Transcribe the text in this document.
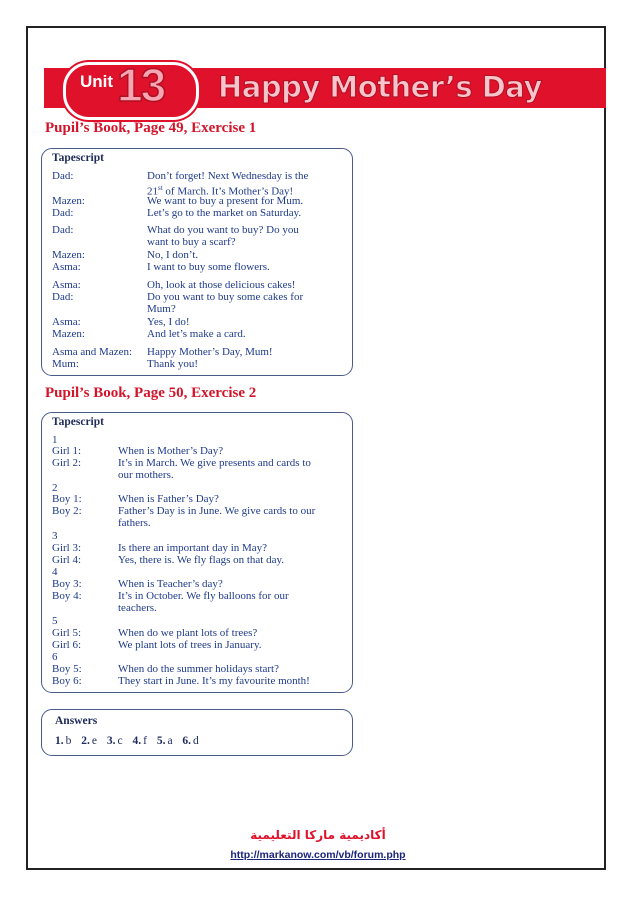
Unit 13 Happy Mother’s Day
Pupil’s Book, Page 49, Exercise 1
Tapescript
Dad:	Don’t forget! Next Wednesday is the
21st of March. It’s Mother’s Day!
Mazen:	We want to buy a present for Mum.
Dad:	Let’s go to the market on Saturday.
Dad:	What do you want to buy? Do you
want to buy a scarf?
Mazen:	No, I don’t.
Asma:	I want to buy some flowers.
Asma:	Oh, look at those delicious cakes!
Dad:	Do you want to buy some cakes for
Mum?
Asma:	Yes, I do!
Mazen:	And let’s make a card.
Asma and Mazen: Happy Mother’s Day, Mum!
Mum:	Thank you!
Pupil’s Book, Page 50, Exercise 2
Tapescript
1
Girl 1:	When is Mother’s Day?
Girl 2:	It’s in March. We give presents and cards to
our mothers.
2
Boy 1:	When is Father’s Day?
Boy 2:	Father’s Day is in June. We give cards to our
fathers.
3
Girl 3:	Is there an important day in May?
Girl 4:	Yes, there is. We fly flags on that day.
4
Boy 3:	When is Teacher’s day?
Boy 4:	It’s in October. We fly balloons for our
teachers.
5
Girl 5:	When do we plant lots of trees?
Girl 6:	We plant lots of trees in January.
6
Boy 5:	When do the summer holidays start?
Boy 6:	They start in June. It’s my favourite month!
Answers
1. b 2. e 3. c 4. f 5. a 6. d
أكاديمية ماركا التعليمية
http://markanow.com/vb/forum.php
